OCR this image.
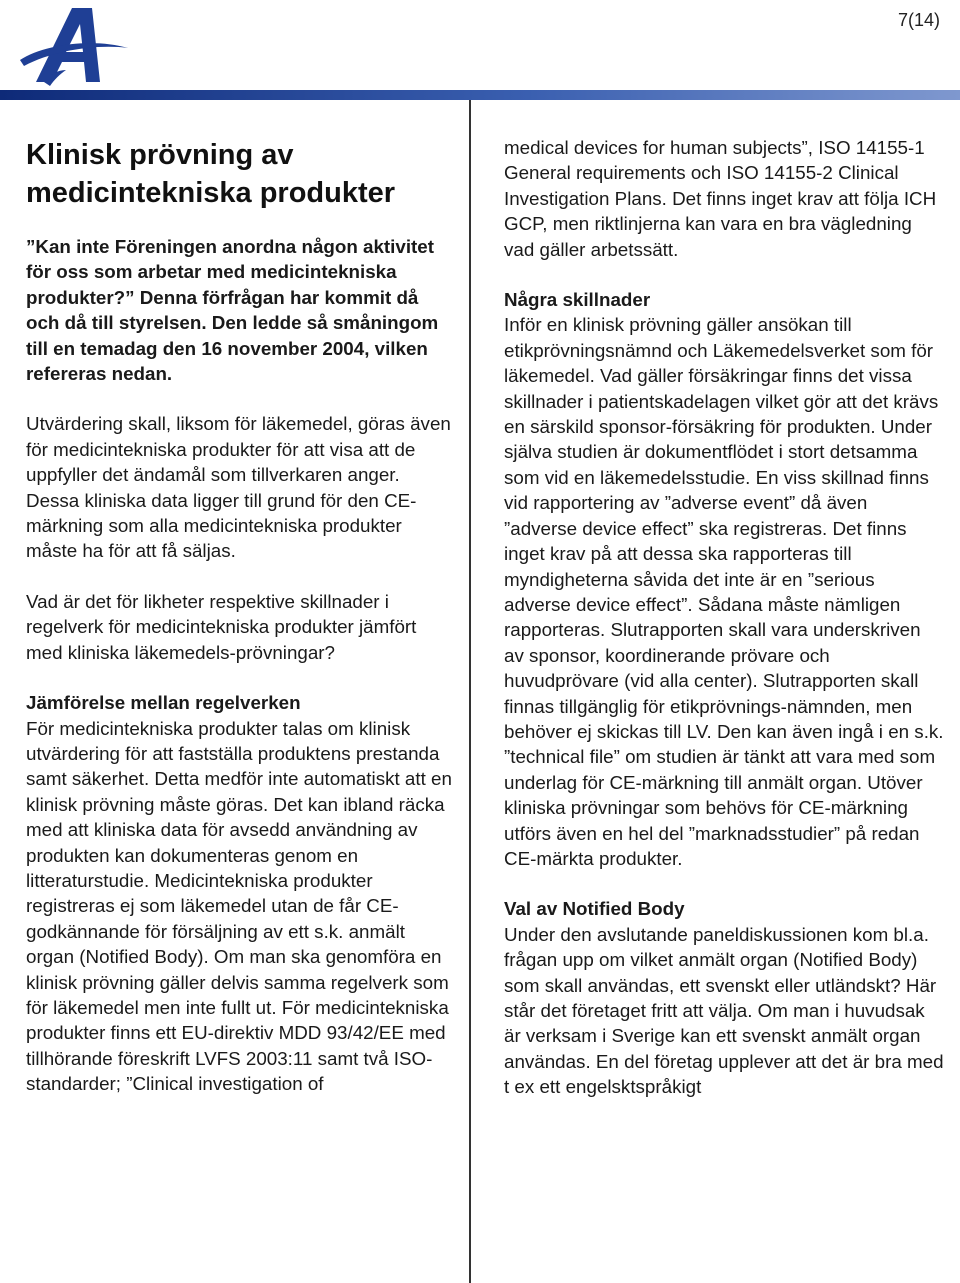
7(14)
Klinisk prövning av medicintekniska produkter
”Kan inte Föreningen anordna någon aktivitet för oss som arbetar med medicintekniska produkter?” Denna förfrågan har kommit då och då till styrelsen. Den ledde så småningom till en temadag den 16 november 2004, vilken refereras nedan.
Utvärdering skall, liksom för läkemedel, göras även för medicintekniska produkter för att visa att de uppfyller det ändamål som tillverkaren anger. Dessa kliniska data ligger till grund för den CE-märkning som alla medicintekniska produkter måste ha för att få säljas.
Vad är det för likheter respektive skillnader i regelverk för medicintekniska produkter jämfört med kliniska läkemedels-prövningar?
Jämförelse mellan regelverken
För medicintekniska produkter talas om klinisk utvärdering för att fastställa produktens prestanda samt säkerhet. Detta medför inte automatiskt att en klinisk prövning måste göras. Det kan ibland räcka med att kliniska data för avsedd användning av produkten kan dokumenteras genom en litteraturstudie. Medicintekniska produkter registreras ej som läkemedel utan de får CE-godkännande för försäljning av ett s.k. anmält organ (Notified Body). Om man ska genomföra en klinisk prövning gäller delvis samma regelverk som för läkemedel men inte fullt ut. För medicintekniska produkter finns ett EU-direktiv MDD 93/42/EE med tillhörande föreskrift LVFS 2003:11 samt två ISO-standarder; ”Clinical investigation of
medical devices for human subjects”, ISO 14155-1 General requirements och ISO 14155-2 Clinical Investigation Plans. Det finns inget krav att följa ICH GCP, men riktlinjerna kan vara en bra vägledning vad gäller arbetssätt.
Några skillnader
Inför en klinisk prövning gäller ansökan till etikprövningsnämnd och Läkemedelsverket som för läkemedel. Vad gäller försäkringar finns det vissa skillnader i patientskadelagen vilket gör att det krävs en särskild sponsor-försäkring för produkten. Under själva studien är dokumentflödet i stort detsamma som vid en läkemedelsstudie. En viss skillnad finns vid rapportering av ”adverse event” då även ”adverse device effect” ska registreras. Det finns inget krav på att dessa ska rapporteras till myndigheterna såvida det inte är en ”serious adverse device effect”. Sådana måste nämligen rapporteras. Slutrapporten skall vara underskriven av sponsor, koordinerande prövare och huvudprövare (vid alla center). Slutrapporten skall finnas tillgänglig för etikprövnings-nämnden, men behöver ej skickas till LV. Den kan även ingå i en s.k. ”technical file” om studien är tänkt att vara med som underlag för CE-märkning till anmält organ. Utöver kliniska prövningar som behövs för CE-märkning utförs även en hel del ”marknadsstudier” på redan CE-märkta produkter.
Val av Notified Body
Under den avslutande paneldiskussionen kom bl.a. frågan upp om vilket anmält organ (Notified Body) som skall användas, ett svenskt eller utländskt? Här står det företaget fritt att välja. Om man i huvudsak är verksam i Sverige kan ett svenskt anmält organ användas. En del företag upplever att det är bra med t ex ett engelsktspråkigt
